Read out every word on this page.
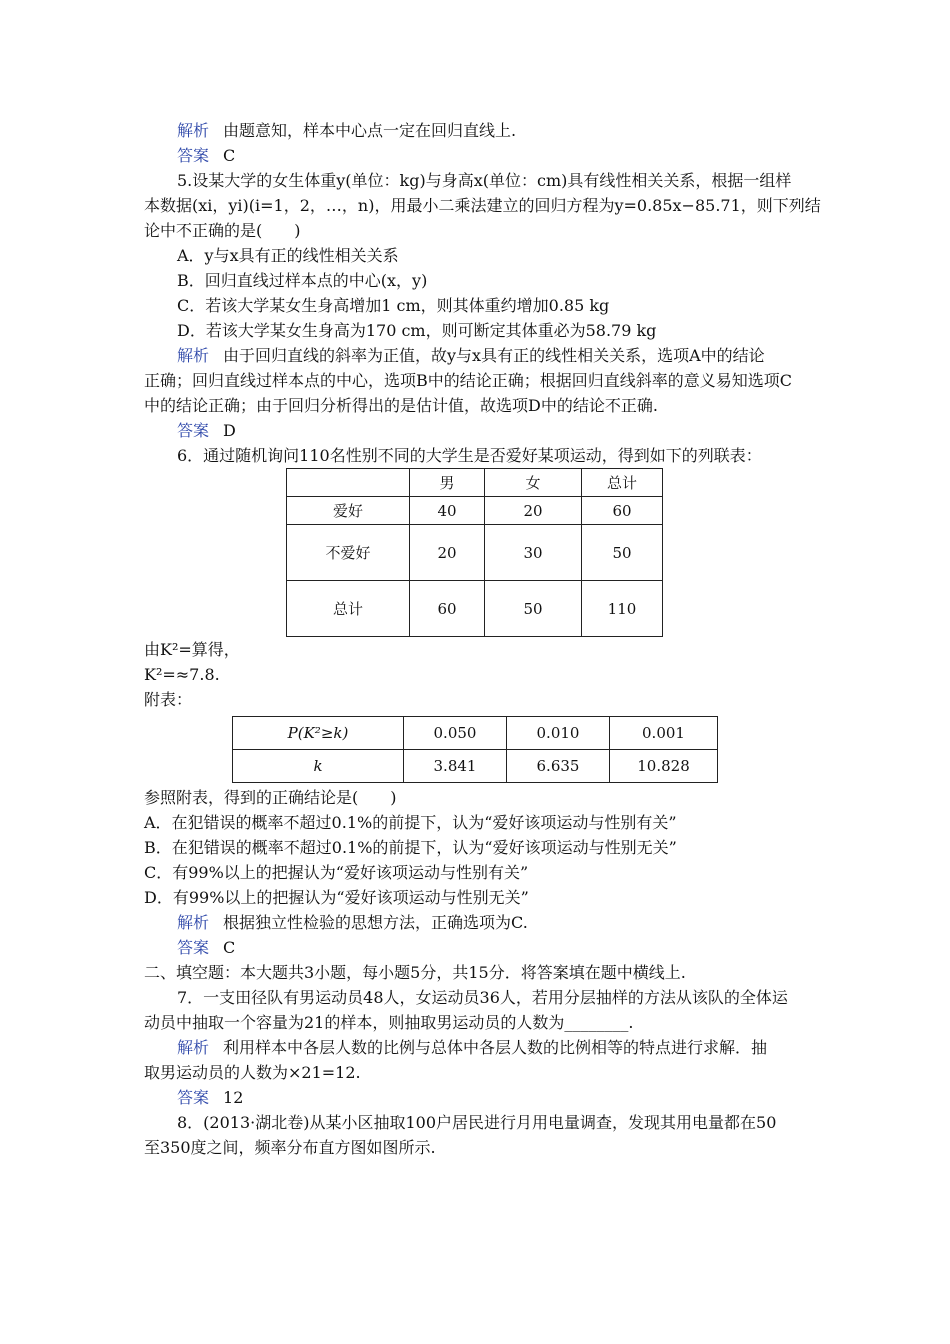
解析 由题意知，样本中心点一定在回归直线上.
答案 C
5.设某大学的女生体重y(单位：kg)与身高x(单位：cm)具有线性相关关系，根据一组样
本数据(xi，yi)(i=1，2，…，n)，用最小二乘法建立的回归方程为y=0.85x−85.71，则下列结
论中不正确的是(　　)
A．y与x具有正的线性相关关系
B．回归直线过样本点的中心(x，y)
C．若该大学某女生身高增加1 cm，则其体重约增加0.85 kg
D．若该大学某女生身高为170 cm，则可断定其体重必为58.79 kg
解析 由于回归直线的斜率为正值，故y与x具有正的线性相关关系，选项A中的结论
正确；回归直线过样本点的中心，选项B中的结论正确；根据回归直线斜率的意义易知选项C
中的结论正确；由于回归分析得出的是估计值，故选项D中的结论不正确.
答案 D
6．通过随机询问110名性别不同的大学生是否爱好某项运动，得到如下的列联表：
	男	女	总计
爱好	40	20	60
不爱好	20	30	50
总计	60	50	110
由K²=算得，
K²=≈7.8.
附表：
P(K²≥k)	0.050	0.010	0.001
k	3.841	6.635	10.828
参照附表，得到的正确结论是(　　)
A．在犯错误的概率不超过0.1%的前提下，认为“爱好该项运动与性别有关”
B．在犯错误的概率不超过0.1%的前提下，认为“爱好该项运动与性别无关”
C．有99%以上的把握认为“爱好该项运动与性别有关”
D．有99%以上的把握认为“爱好该项运动与性别无关”
解析 根据独立性检验的思想方法，正确选项为C.
答案 C
二、填空题：本大题共3小题，每小题5分，共15分．将答案填在题中横线上.
7．一支田径队有男运动员48人，女运动员36人，若用分层抽样的方法从该队的全体运
动员中抽取一个容量为21的样本，则抽取男运动员的人数为________.
解析 利用样本中各层人数的比例与总体中各层人数的比例相等的特点进行求解．抽
取男运动员的人数为×21=12.
答案 12
8．(2013·湖北卷)从某小区抽取100户居民进行月用电量调查，发现其用电量都在50
至350度之间，频率分布直方图如图所示.
